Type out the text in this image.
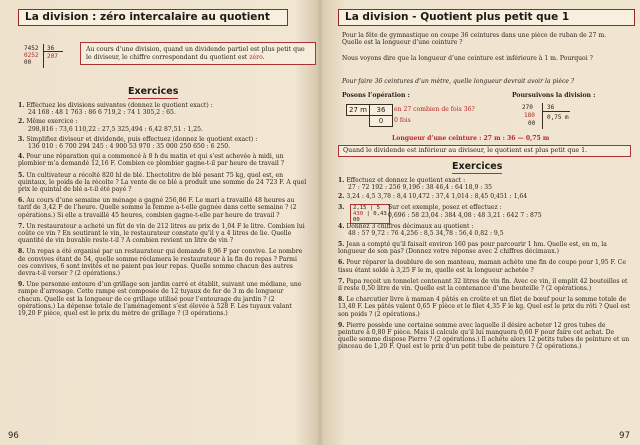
La division : zéro intercalaire au quotient
7452
0252
00
36
207
Au cours d’une division, quand un dividende partiel est plus petit que le diviseur, le chiffre correspondant du quotient est zéro.
Exercices
1. Effectuez les divisions suivantes (donnez le quotient exact) :
24 168 : 48 1 763 : 86 6 719,2 : 74 1 305,2 : 65.
2. Même exercice :
298,816 : 73,6 110,22 : 27,5 325,494 : 6,42 87,51 : 1,25.
3. Simplifiez diviseur et dividende, puis effectuez (donnez le quotient exact) :
136 010 : 6 700 294 245 : 4 900 53 970 : 35 000 250 650 : 6 250.
4. Pour une réparation qui a commencé à 8 h du matin et qui s’est achevée à midi, un plombier m’a demandé 12,16 F. Combien ce plombier gagne-t-il par heure de travail ?
5. Un cultivateur a récolté 820 hl de blé. L’hectolitre de blé pesant 75 kg, quel est, en quintaux, le poids de la récolte ? La vente de ce blé a produit une somme de 24 723 F. A quel prix le quintal de blé a-t-il été payé ?
6. Au cours d’une semaine un ménage a gagné 256,86 F. Le mari a travaillé 48 heures au tarif de 3,42 F de l’heure. Quelle somme la femme a-t-elle gagnée dans cette semaine ? (2 opérations.) Si elle a travaillé 45 heures, combien gagne-t-elle par heure de travail ?
7. Un restaurateur a acheté un fût de vin de 212 litres au prix de 1,04 F le litre. Combien lui coûte ce vin ? En soutirant le vin, le restaurateur constate qu’il y a 4 litres de lie. Quelle quantité de vin buvable reste-t-il ? A combien revient un litre de vin ?
8. Un repas a été organisé par un restaurateur qui demande 8,96 F par convive. Le nombre de convives étant de 54, quelle somme réclamera le restaurateur à la fin du repas ? Parmi ces convives, 6 sont invités et ne paient pas leur repas. Quelle somme chacun des autres devra-t-il verser ? (2 opérations.)
9. Une personne entoure d’un grillage son jardin carré et établit, suivant une médiane, une rampe d’arrosage. Cette rampe est composée de 12 tuyaux de fer de 3 m de longueur chacun. Quelle est la longueur de ce grillage utilisé pour l’entourage du jardin ? (2 opérations.) La dépense totale de l’aménagement s’est élevée à 528 F. Les tuyaux valant 19,20 F pièce, quel est le prix du mètre de grillage ? (3 opérations.)
96
La division - Quotient plus petit que 1
Pour la fête de gymnastique on coupe 36 ceintures dans une pièce de ruban de 27 m. Quelle est la longueur d’une ceinture ?
Nous voyons dire que la longueur d’une ceinture est inférieure à 1 m. Pourquoi ?
Pour faire 36 ceintures d’un mètre, quelle longueur devrait avoir la pièce ?
Posons l’opération :	Poursuivons la division :
27 m	36	en 27 combien de fois 36?
0	0 fois
270
180
00
36
0,75 m
Longueur d’une ceinture : 27 m : 36 — 0,75 m
Quand le dividende est inférieur au diviseur, le quotient est plus petit que 1.
Exercices
1. Effectuez et donnez le quotient exact :
27 : 72 192 : 256 9,196 : 38 46,4 : 64 18,9 : 35
2. 3,24 : 4,5 3,78 : 8,4 10,472 : 37,4 1,014 : 8,45 0,451 : 1,64
3.	2,15 | 5
430 | 0,43
00
Sur cet exemple, posez et effectuez :
0,696 : 58 23,04 : 384 4,08 : 48 3,21 : 642 7 : 875
4. Donnez 3 chiffres décimaux au quotient :
48 : 57 9,72 : 76 4,256 : 8,5 34,78 : 56,4 0,82 : 9,5
5. Jean a compté qu’il faisait environ 160 pas pour parcourir 1 hm. Quelle est, en m, la longueur de son pas? (Donnez votre réponse avec 2 chiffres décimaux.)
6. Pour réparer la doublure de son manteau, maman achète une fin de coupe pour 1,95 F. Ce tissu étant soldé à 3,25 F le m, quelle est la longueur achetée ?
7. Papa reçoit un tonnelet contenant 32 litres de vin fin. Avec ce vin, il emplit 42 bouteilles et il reste 0,50 litre de vin. Quelle est la contenance d’une bouteille ? (2 opérations.)
8. Le charcutier livre à maman 4 pâtés en croûte et un filet de bœuf pour la somme totale de 13,40 F. Les pâtés valent 0,65 F pièce et le filet 4,35 F le kg. Quel est le prix du rôti ? Quel est son poids ? (2 opérations.)
9. Pierre possède une certaine somme avec laquelle il désire acheter 12 gros tubes de peinture à 0,80 F pièce. Mais il calcule qu’il lui manquera 0,60 F pour faire cet achat. De quelle somme dispose Pierre ? (2 opérations.) Il achète alors 12 petits tubes de peinture et un pinceau de 1,20 F. Quel est le prix d’un petit tube de peinture ? (2 opérations.)
97
